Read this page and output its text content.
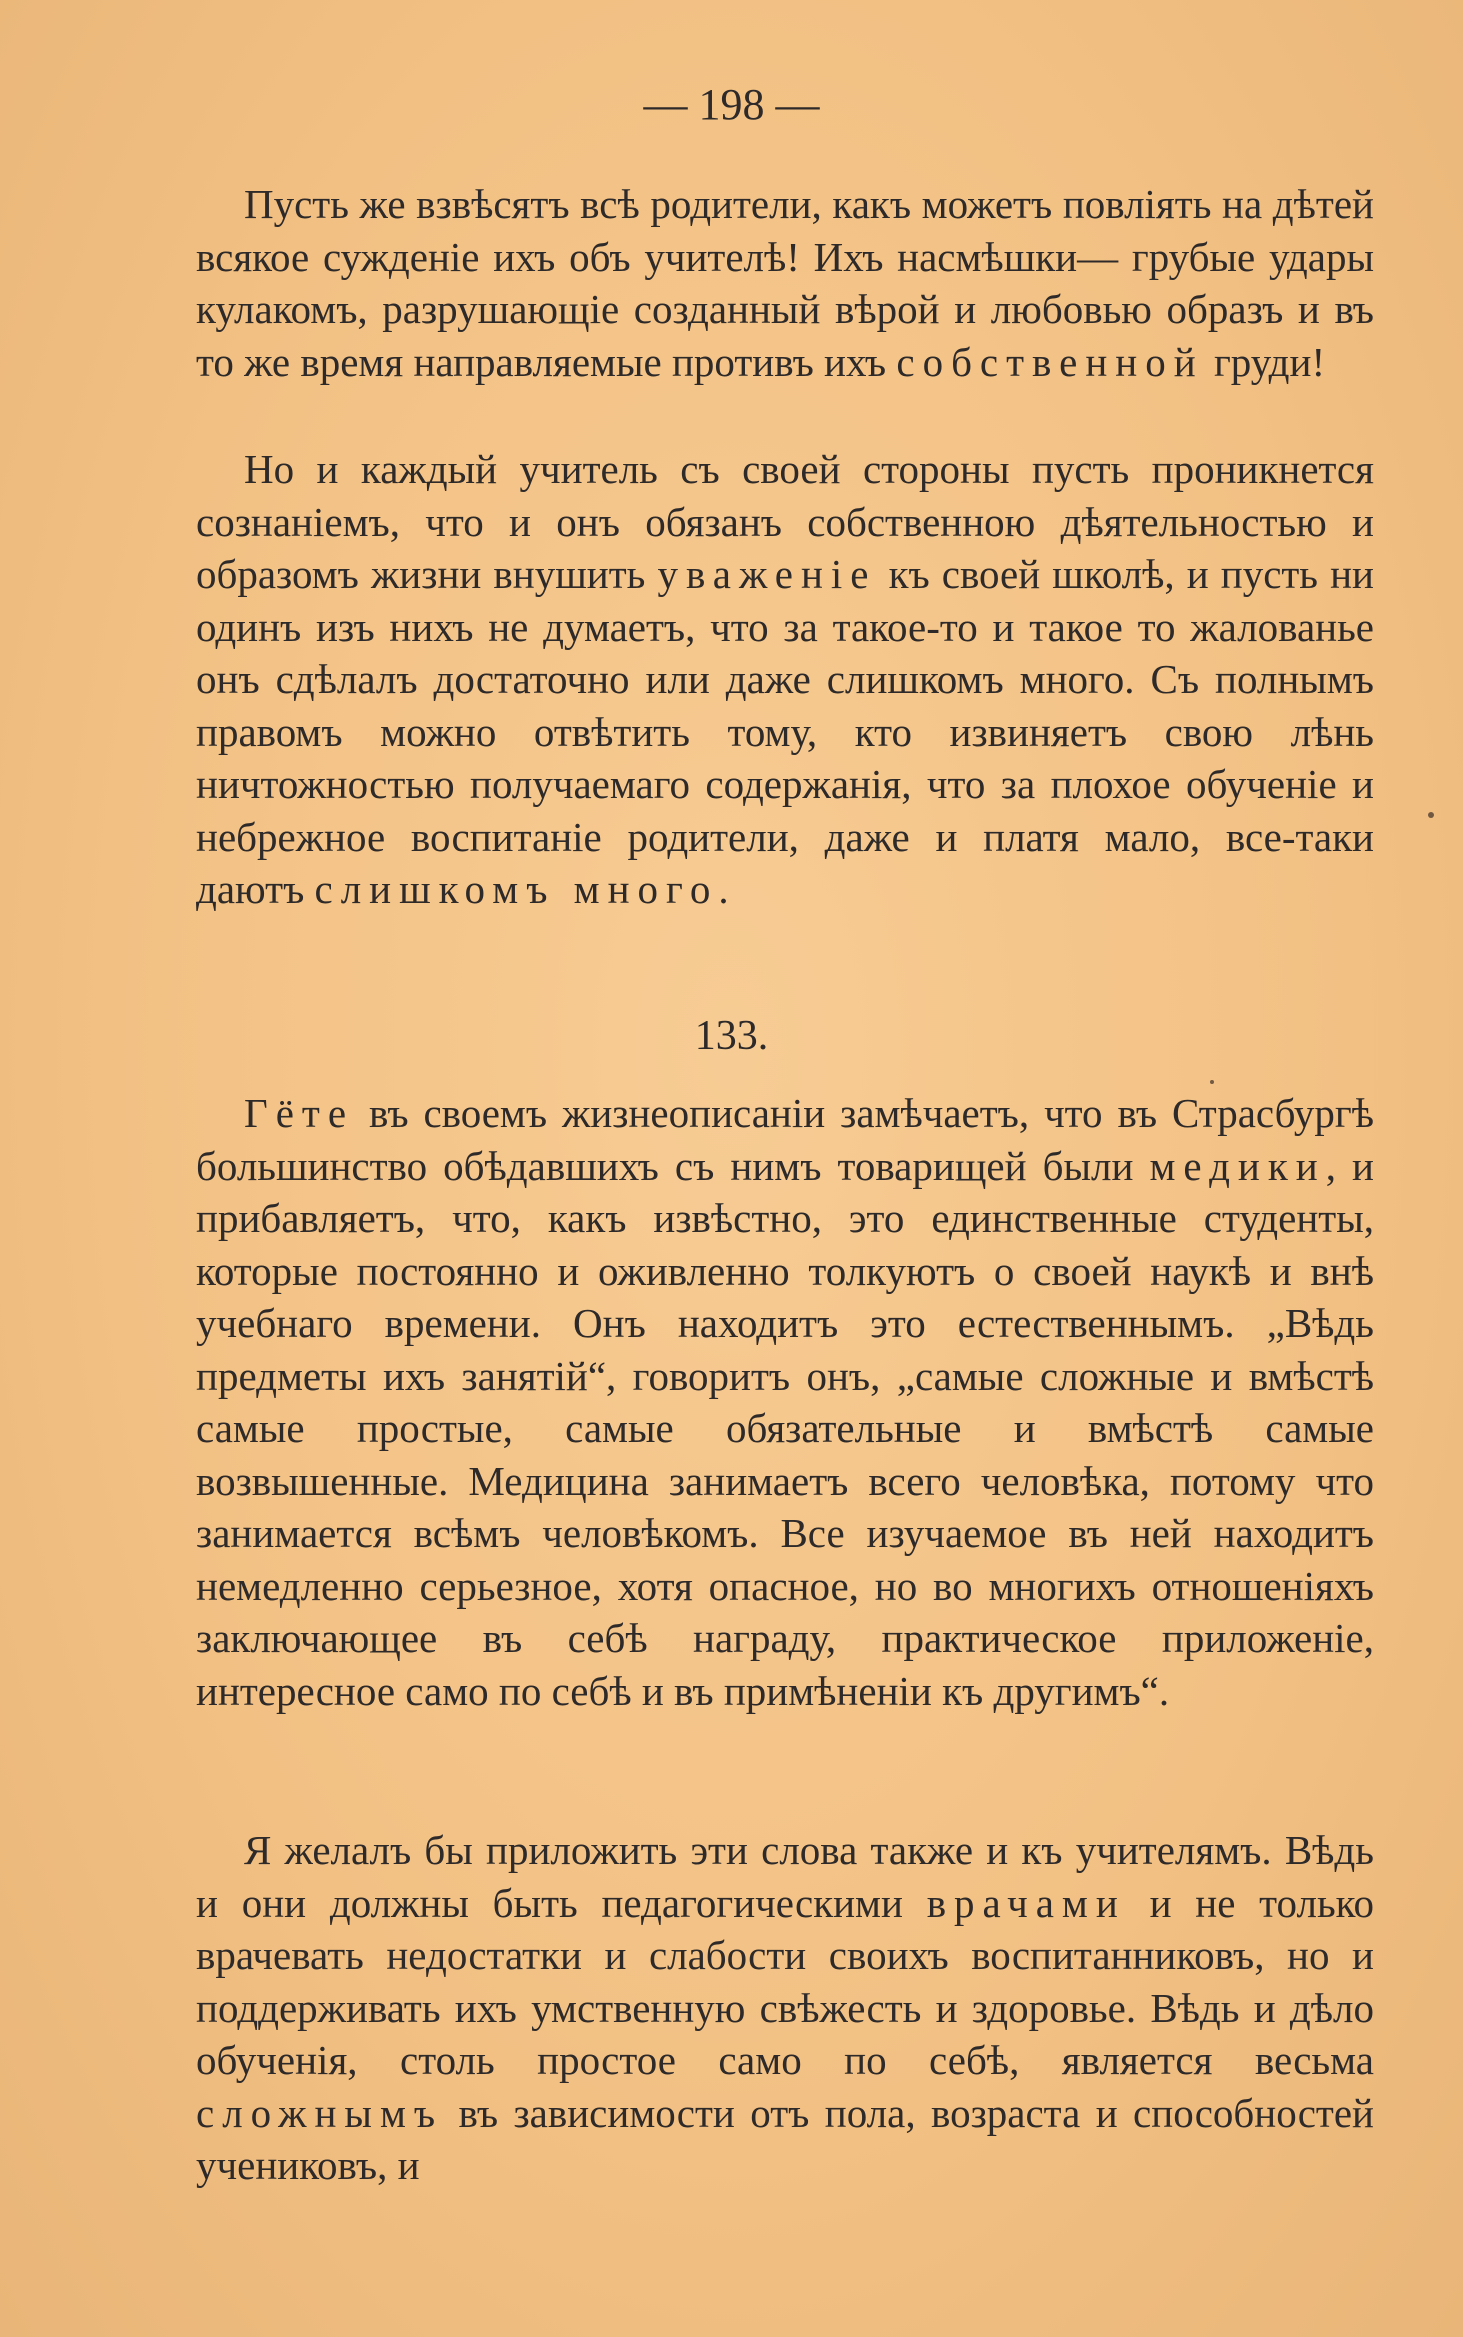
— 198 —

Пусть же взвѣсятъ всѣ родители, какъ можетъ повліять на дѣтей всякое сужденіе ихъ объ учителѣ! Ихъ насмѣшки— грубые удары кулакомъ, разрушающіе созданный вѣрой и любовью образъ и въ то же время направляемые противъ ихъ собственной груди!

Но и каждый учитель съ своей стороны пусть проникнется сознаніемъ, что и онъ обязанъ собственною дѣятельностью и образомъ жизни внушить уваженіе къ своей школѣ, и пусть ни одинъ изъ нихъ не думаетъ, что за такое-то и такое то жалованье онъ сдѣлалъ достаточно или даже слишкомъ много. Съ полнымъ правомъ можно отвѣтить тому, кто извиняетъ свою лѣнь ничтожностью получаемаго содержанія, что за плохое обученіе и небрежное воспитаніе родители, даже и платя мало, все-таки даютъ слишкомъ много.

133.

Гёте въ своемъ жизнеописаніи замѣчаетъ, что въ Страсбургѣ большинство обѣдавшихъ съ нимъ товарищей были медики, и прибавляетъ, что, какъ извѣстно, это единственные студенты, которые постоянно и оживленно толкуютъ о своей наукѣ и внѣ учебнаго времени. Онъ находитъ это естественнымъ. „Вѣдь предметы ихъ занятій“, говоритъ онъ, „самые сложные и вмѣстѣ самые простые, самые обязательные и вмѣстѣ самые возвышенные. Медицина занимаетъ всего человѣка, потому что занимается всѣмъ человѣкомъ. Все изучаемое въ ней находитъ немедленно серьезное, хотя опасное, но во многихъ отношеніяхъ заключающее въ себѣ награду, практическое приложеніе, интересное само по себѣ и въ примѣненіи къ другимъ“.

Я желалъ бы приложить эти слова также и къ учителямъ. Вѣдь и они должны быть педагогическими врачами и не только врачевать недостатки и слабости своихъ воспитанниковъ, но и поддерживать ихъ умственную свѣжесть и здоровье. Вѣдь и дѣло обученія, столь простое само по себѣ, является весьма сложнымъ въ зависимости отъ пола, возраста и способностей учениковъ, и
